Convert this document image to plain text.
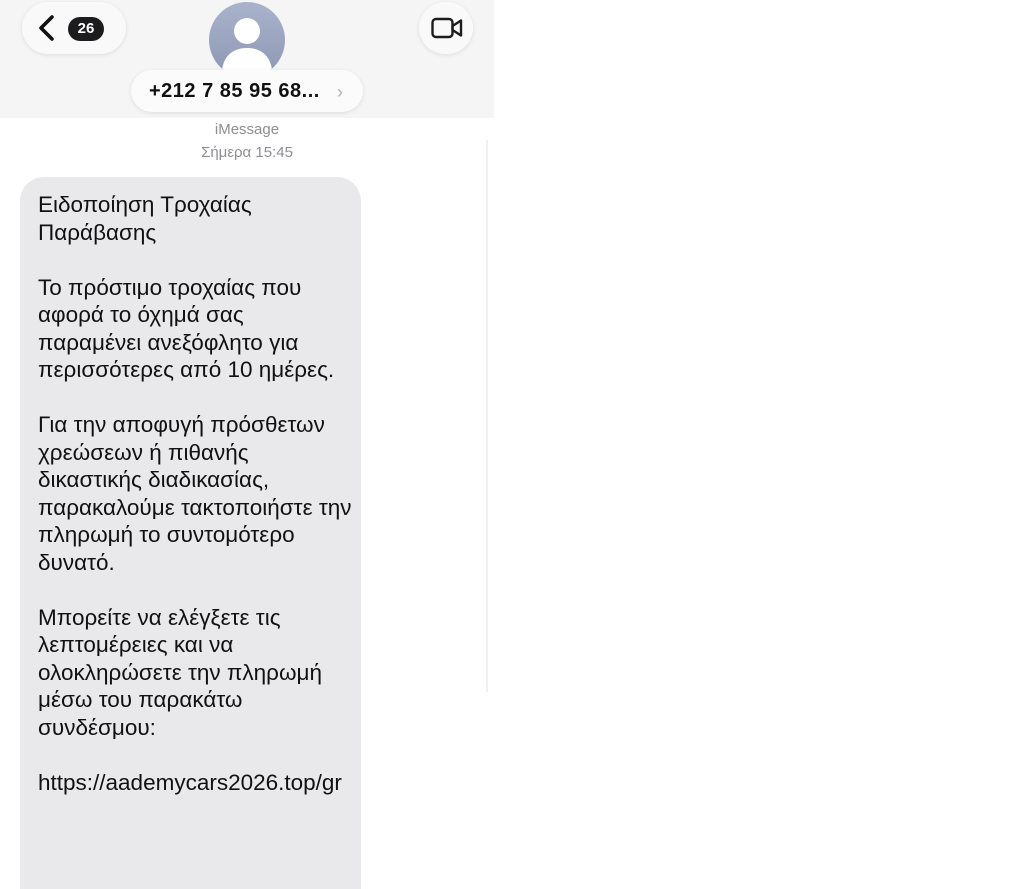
26
+212 7 85 95 68... ›
iMessage
Σήμερα 15:45

Ειδοποίηση Τροχαίας Παράβασης

Το πρόστιμο τροχαίας που αφορά το όχημά σας παραμένει ανεξόφλητο για περισσότερες από 10 ημέρες.

Για την αποφυγή πρόσθετων χρεώσεων ή πιθανής δικαστικής διαδικασίας, παρακαλούμε τακτοποιήστε την πληρωμή το συντομότερο δυνατό.

Μπορείτε να ελέγξετε τις λεπτομέρειες και να ολοκληρώσετε την πληρωμή μέσω του παρακάτω συνδέσμου:

https://aademycars2026.top/gr
